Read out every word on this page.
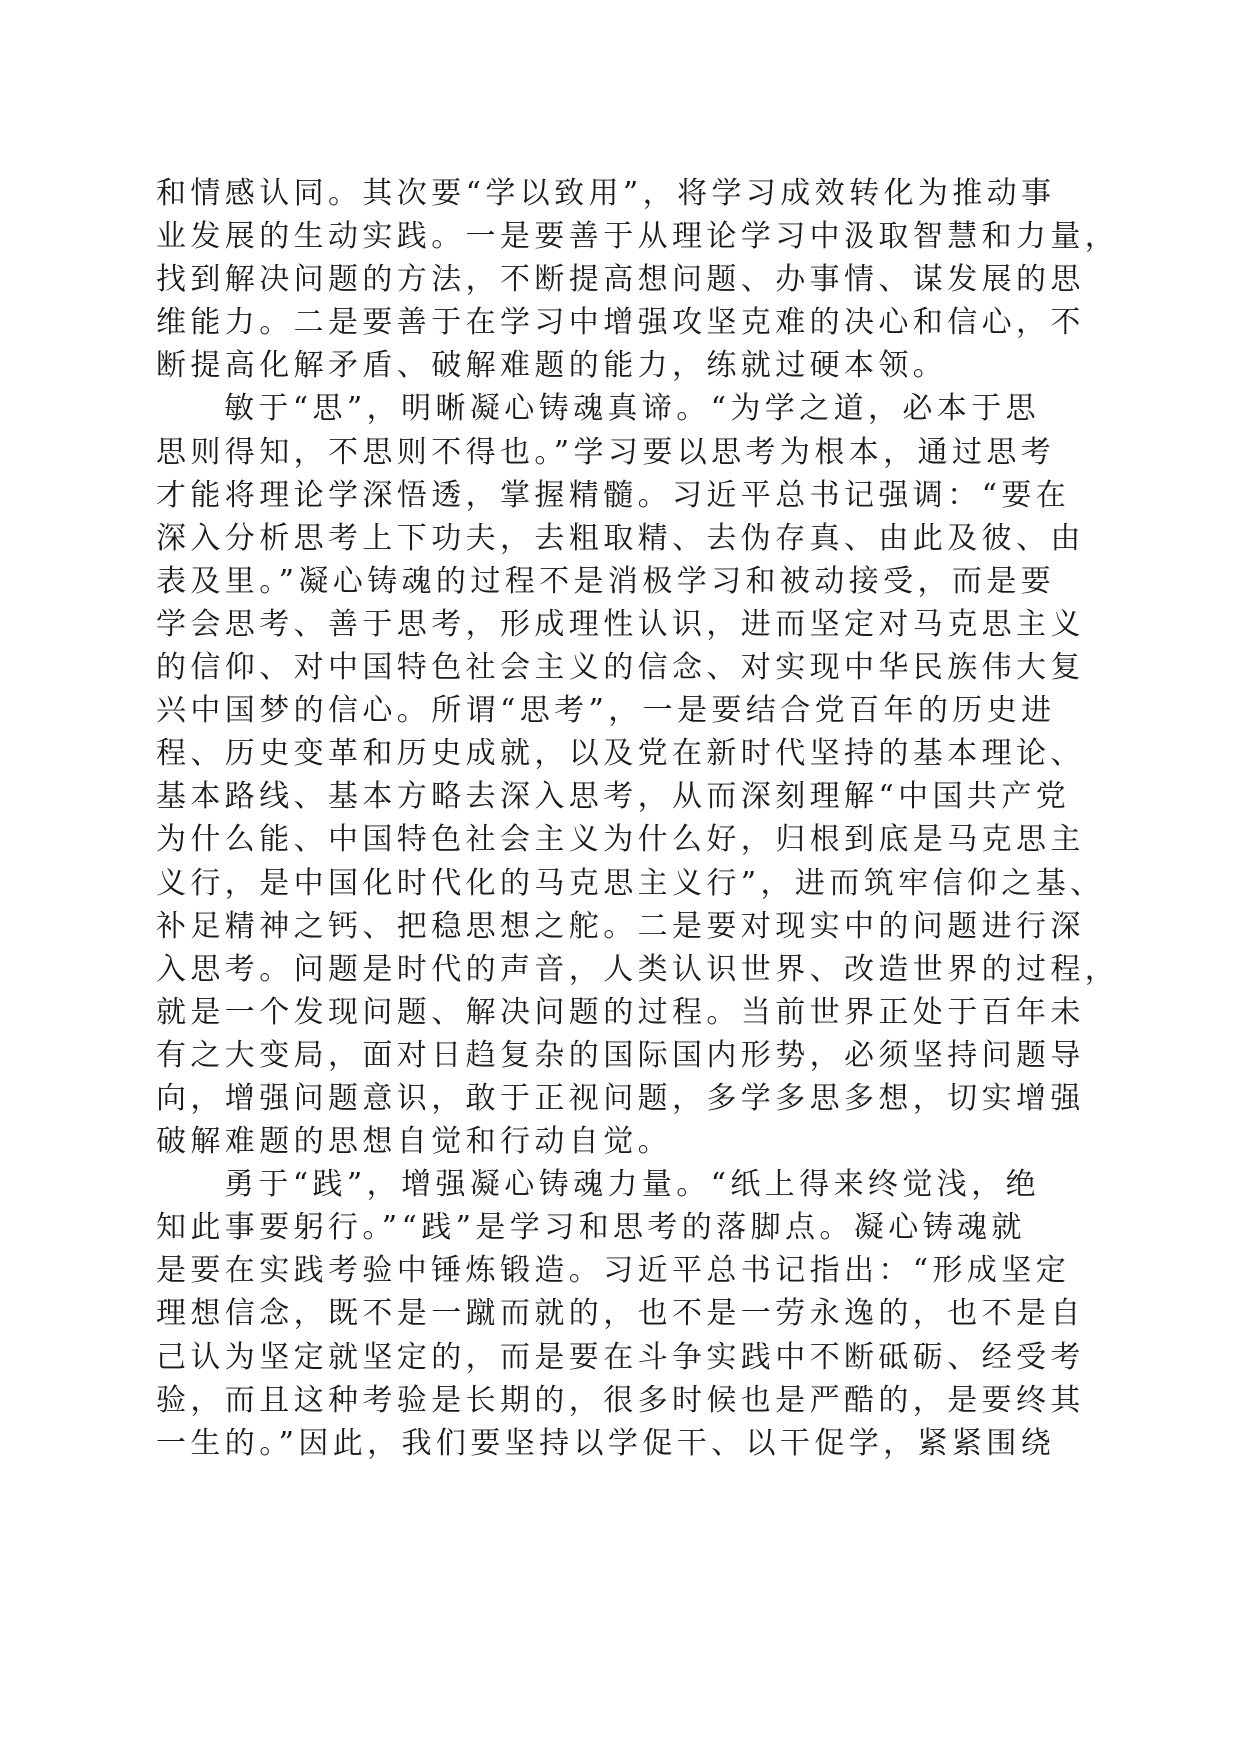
和情感认同。其次要“学以致用”，将学习成效转化为推动事
业发展的生动实践。一是要善于从理论学习中汲取智慧和力量，
找到解决问题的方法，不断提高想问题、办事情、谋发展的思
维能力。二是要善于在学习中增强攻坚克难的决心和信心，不
断提高化解矛盾、破解难题的能力，练就过硬本领。
敏于“思”，明晰凝心铸魂真谛。“为学之道，必本于思
思则得知，不思则不得也。”学习要以思考为根本，通过思考
才能将理论学深悟透，掌握精髓。习近平总书记强调：“要在
深入分析思考上下功夫，去粗取精、去伪存真、由此及彼、由
表及里。”凝心铸魂的过程不是消极学习和被动接受，而是要
学会思考、善于思考，形成理性认识，进而坚定对马克思主义
的信仰、对中国特色社会主义的信念、对实现中华民族伟大复
兴中国梦的信心。所谓“思考”，一是要结合党百年的历史进
程、历史变革和历史成就，以及党在新时代坚持的基本理论、
基本路线、基本方略去深入思考，从而深刻理解“中国共产党
为什么能、中国特色社会主义为什么好，归根到底是马克思主
义行，是中国化时代化的马克思主义行”，进而筑牢信仰之基、
补足精神之钙、把稳思想之舵。二是要对现实中的问题进行深
入思考。问题是时代的声音，人类认识世界、改造世界的过程，
就是一个发现问题、解决问题的过程。当前世界正处于百年未
有之大变局，面对日趋复杂的国际国内形势，必须坚持问题导
向，增强问题意识，敢于正视问题，多学多思多想，切实增强
破解难题的思想自觉和行动自觉。
勇于“践”，增强凝心铸魂力量。“纸上得来终觉浅，绝
知此事要躬行。”“践”是学习和思考的落脚点。凝心铸魂就
是要在实践考验中锤炼锻造。习近平总书记指出：“形成坚定
理想信念，既不是一蹴而就的，也不是一劳永逸的，也不是自
己认为坚定就坚定的，而是要在斗争实践中不断砥砺、经受考
验，而且这种考验是长期的，很多时候也是严酷的，是要终其
一生的。”因此，我们要坚持以学促干、以干促学，紧紧围绕
